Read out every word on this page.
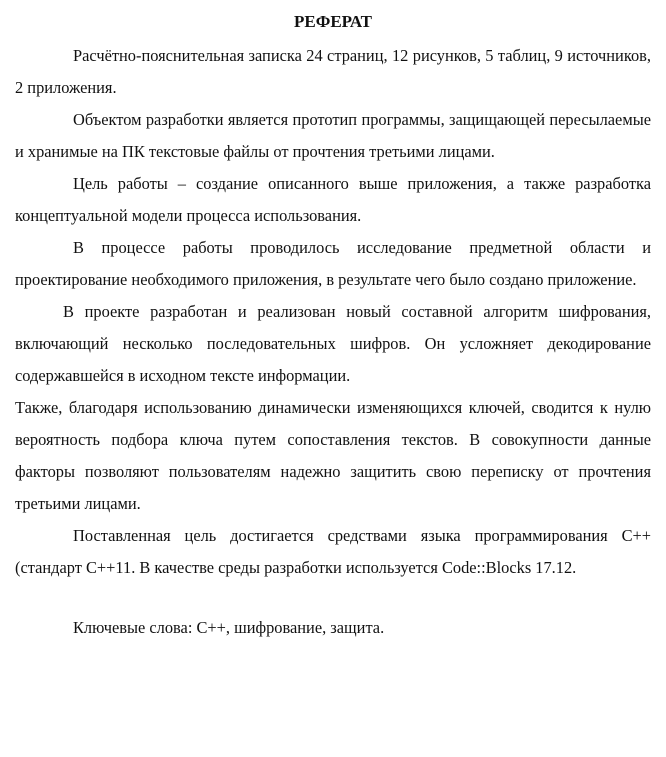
РЕФЕРАТ

Расчётно-пояснительная записка 24 страниц, 12 рисунков, 5 таблиц, 9 источников, 2 приложения.

Объектом разработки является прототип программы, защищающей пересылаемые и хранимые на ПК текстовые файлы от прочтения третьими лицами.

Цель работы – создание описанного выше приложения, а также разработка концептуальной модели процесса использования.

В процессе работы проводилось исследование предметной области и проектирование необходимого приложения, в результате чего было создано приложение.

В проекте разработан и реализован новый составной алгоритм шифрования, включающий несколько последовательных шифров. Он усложняет декодирование содержавшейся в исходном тексте информации.

Также, благодаря использованию динамически изменяющихся ключей, сводится к нулю вероятность подбора ключа путем сопоставления текстов. В совокупности данные факторы позволяют пользователям надежно защитить свою переписку от прочтения третьими лицами.

Поставленная цель достигается средствами языка программирования C++ (стандарт C++11. В качестве среды разработки используется Code::Blocks 17.12.

Ключевые слова: C++, шифрование, защита.
